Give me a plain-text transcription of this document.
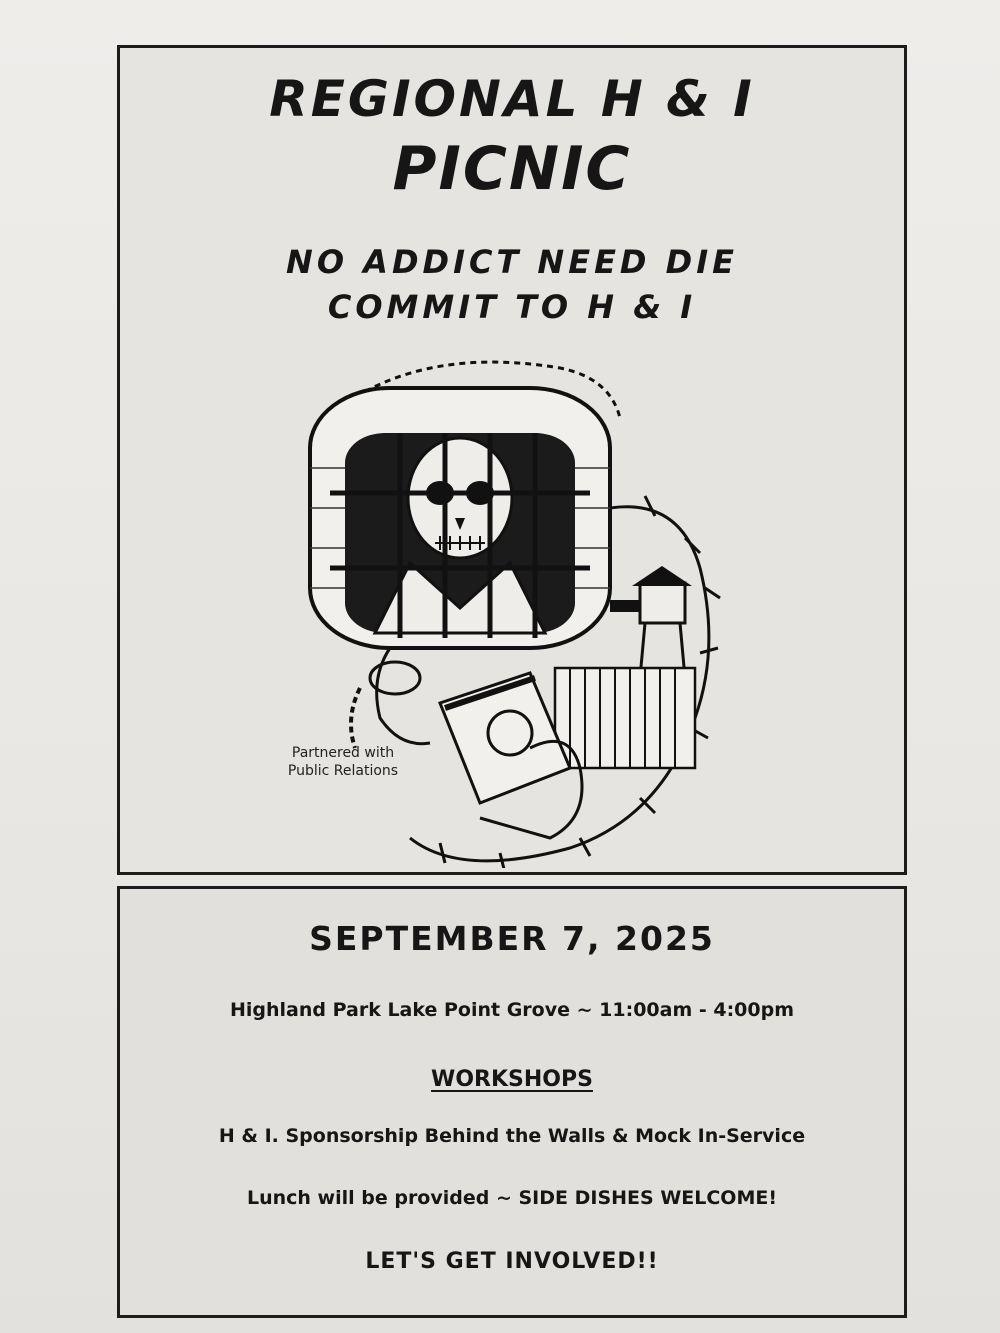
REGIONAL H & I
PICNIC
NO ADDICT NEED DIE
COMMIT TO H & I
Partnered with
Public Relations
SEPTEMBER 7, 2025
Highland Park Lake Point Grove ~ 11:00am - 4:00pm
WORKSHOPS
H & I. Sponsorship Behind the Walls & Mock In-Service
Lunch will be provided ~ SIDE DISHES WELCOME!
LET'S GET INVOLVED!!
